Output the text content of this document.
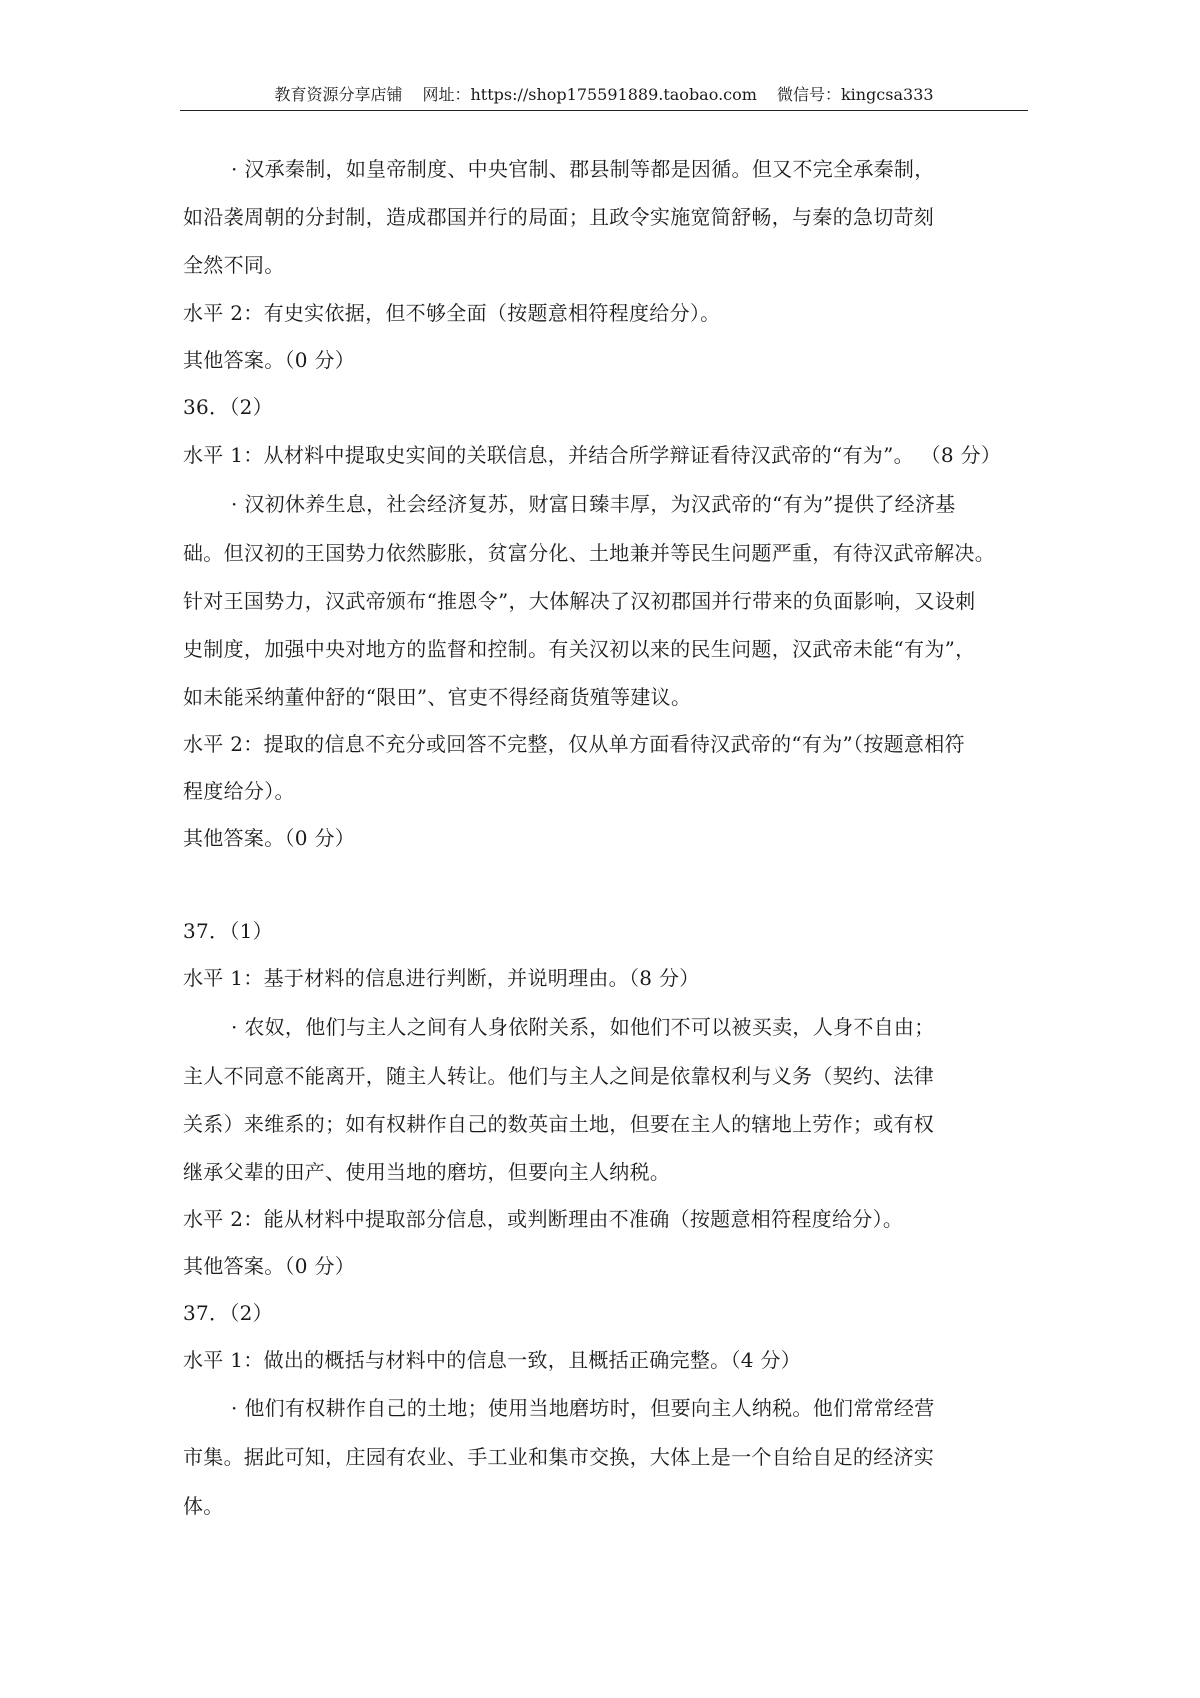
教育资源分享店铺 网址：https://shop175591889.taobao.com 微信号：kingcsa333
· 汉承秦制，如皇帝制度、中央官制、郡县制等都是因循。但又不完全承秦制，
如沿袭周朝的分封制，造成郡国并行的局面；且政令实施宽简舒畅，与秦的急切苛刻
全然不同。
水平 2：有史实依据，但不够全面（按题意相符程度给分）。
其他答案。（0 分）
36．（2）
水平 1：从材料中提取史实间的关联信息，并结合所学辩证看待汉武帝的“有为”。 （8 分）
· 汉初休养生息，社会经济复苏，财富日臻丰厚，为汉武帝的“有为”提供了经济基
础。但汉初的王国势力依然膨胀，贫富分化、土地兼并等民生问题严重，有待汉武帝解决。
针对王国势力，汉武帝颁布“推恩令”，大体解决了汉初郡国并行带来的负面影响，又设刺
史制度，加强中央对地方的监督和控制。有关汉初以来的民生问题，汉武帝未能“有为”，
如未能采纳董仲舒的“限田”、官吏不得经商货殖等建议。
水平 2：提取的信息不充分或回答不完整，仅从单方面看待汉武帝的“有为”（按题意相符
程度给分）。
其他答案。（0 分）
37．（1）
水平 1：基于材料的信息进行判断，并说明理由。（8 分）
· 农奴，他们与主人之间有人身依附关系，如他们不可以被买卖，人身不自由；
主人不同意不能离开，随主人转让。他们与主人之间是依靠权利与义务（契约、法律
关系）来维系的；如有权耕作自己的数英亩土地，但要在主人的辖地上劳作；或有权
继承父辈的田产、使用当地的磨坊，但要向主人纳税。
水平 2：能从材料中提取部分信息，或判断理由不准确（按题意相符程度给分）。
其他答案。（0 分）
37．（2）
水平 1：做出的概括与材料中的信息一致，且概括正确完整。（4 分）
· 他们有权耕作自己的土地；使用当地磨坊时，但要向主人纳税。他们常常经营
市集。据此可知，庄园有农业、手工业和集市交换，大体上是一个自给自足的经济实
体。
